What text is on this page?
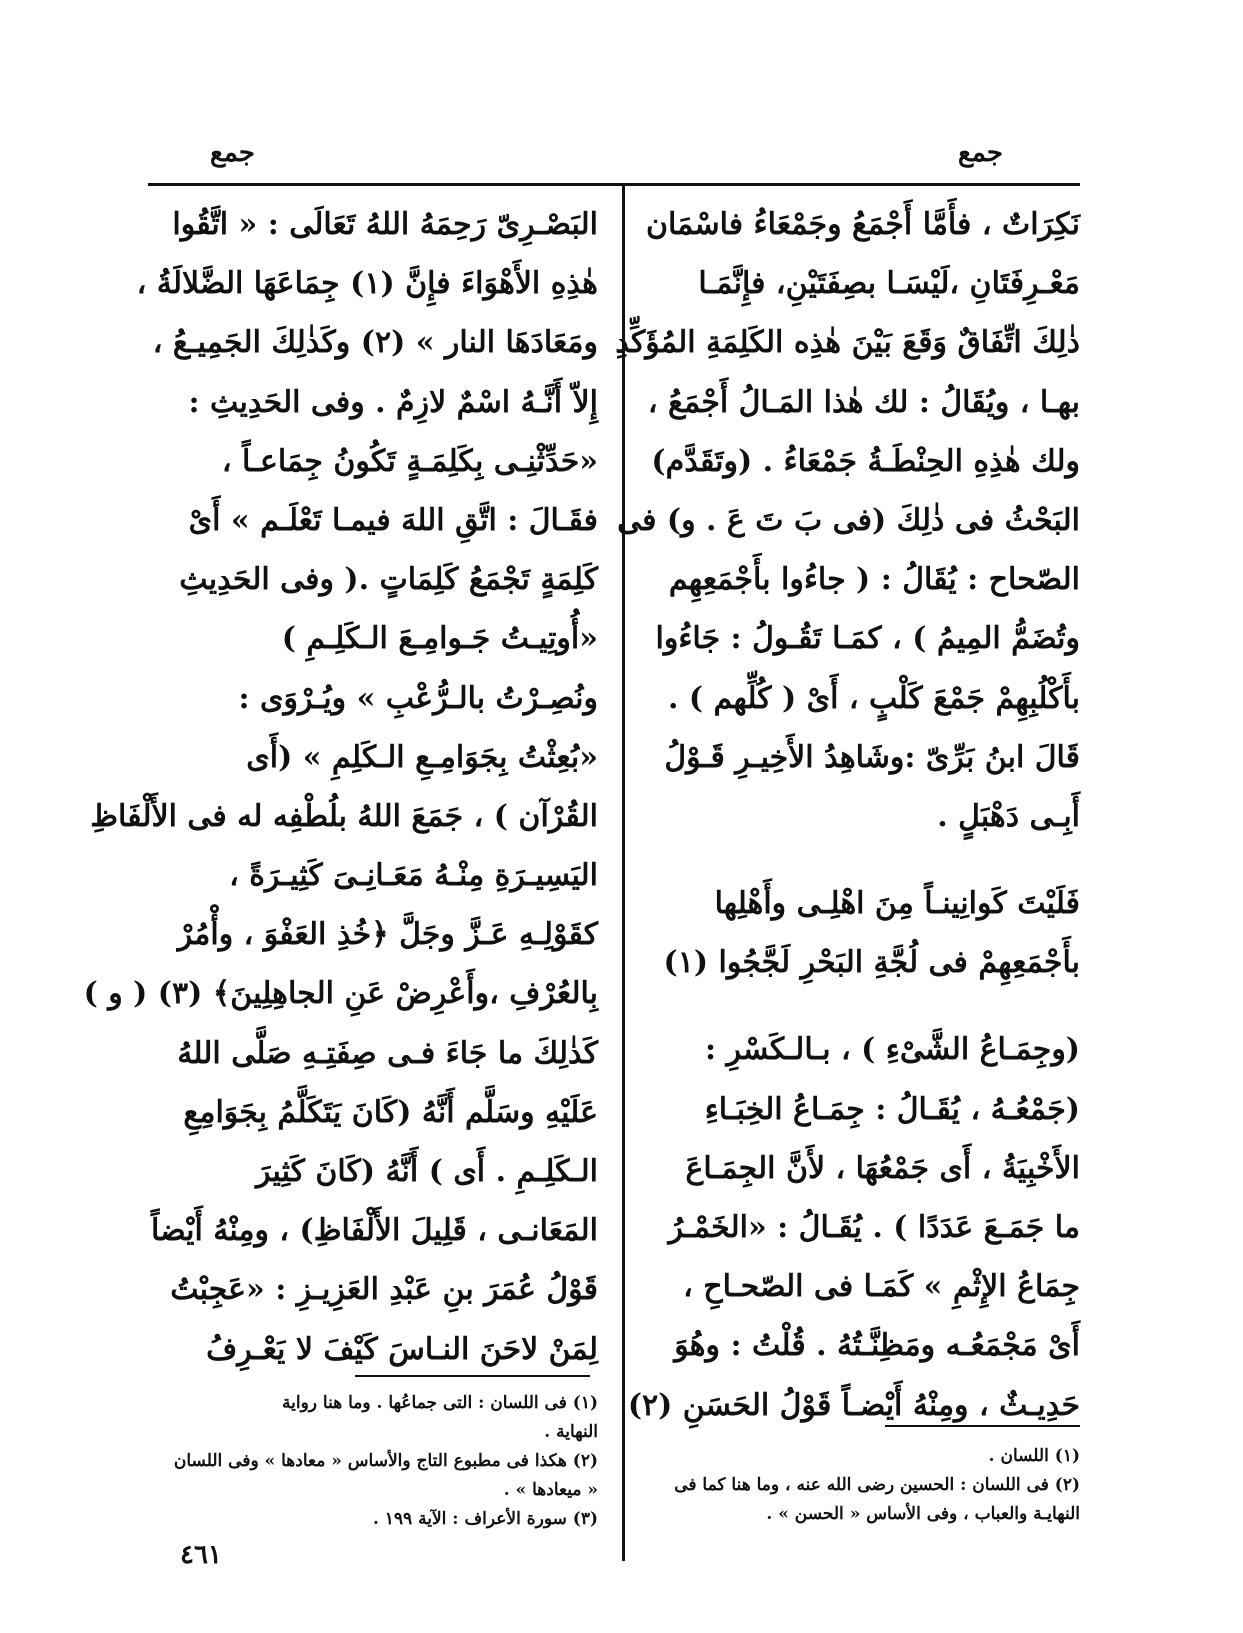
جمع
جمع
نَكِرَاتٌ ، فأَمَّا أَجْمَعُ وجَمْعَاءُ فاسْمَان
مَعْـرِفَتَانِ ،لَيْسَـا بصِفَتَيْنِ، فإِنَّمَـا
ذٰلِكَ اتِّفَاقٌ وَقَعَ بَيْنَ هٰذِه الكَلِمَةِ المُؤَكِّدِ
بهـا ، ويُقَالُ : لك هٰذا المَـالُ أَجْمَعُ ،
ولك هٰذِهِ الحِنْطَـةُ جَمْعَاءُ . (وتَقَدَّم)
البَحْثُ فى ذٰلِكَ (فى بَ تَ عَ . و) فى
الصّحاح : يُقَالُ : ( جاءُوا بأَجْمَعِهِم
وتُضَمُّ المِيمُ ) ، كمَـا تَقُـولُ : جَاءُوا
بأَكْلُبِهِمْ جَمْعَ كَلْبٍ ، أَىْ ( كُلِّهم ) .
قَالَ ابنُ بَرِّىّ :وشَاهِدُ الأَخِيـرِ قَـوْلُ
أَبِـى دَهْبَلٍ .
فَلَيْتَ كَوانِينـاً مِنَ اهْلِـى وأَهْلِها
بأَجْمَعِهِمْ فى لُجَّةِ البَحْرِ لَجَّجُوا (١)
(وجِمَـاعُ الشَّىْءِ ) ، بـالـكَسْرِ :
(جَمْعُـهُ ، يُقَـالُ : جِمَـاعُ الخِبَـاءِ
الأَخْبِيَةُ ، أَى جَمْعُهَا ، لأَنَّ الجِمَـاعَ
ما جَمَـعَ عَدَدًا ) . يُقَـالُ : «الخَمْـرُ
جِمَاعُ الإِثْمِ » كَمَـا فى الصّحـاحِ ،
أَىْ مَجْمَعُـه ومَظِنَّـتُهُ . قُلْتُ : وهُوَ
حَدِيـثٌ ، ومِنْهُ أَيْضـاً قَوْلُ الحَسَنِ (٢)
البَصْـرِىّ رَحِمَهُ اللهُ تَعَالَى : « اتَّقُوا
هٰذِهِ الأَهْوَاءَ فإِنَّ (١) جِمَاعَهَا الضَّلالَةُ ،
ومَعَادَهَا النار » (٢) وكَذٰلِكَ الجَمِيـعُ ،
إِلاّ أَنَّـهُ اسْمٌ لازِمٌ . وفى الحَدِيثِ :
«حَدِّثْنِـى بِكَلِمَـةٍ تَكُونُ جِمَاعـاً ،
فقَـالَ : اتَّقِ اللهَ فيمـا تَعْلَـم » أَىْ
كَلِمَةٍ تَجْمَعُ كَلِمَاتٍ .( وفى الحَدِيثِ
«أُوتِيـتُ جَـوامِـعَ الـكَلِـمِ )
ونُصِـرْتُ بالـرُّعْبِ » ويُـرْوَى :
«بُعِثْتُ بِجَوَامِـعِ الـكَلِمِ » (أَى
القُرْآن ) ، جَمَعَ اللهُ بلُطْفِه له فى الأَلْفَاظِ
اليَسِيـرَةِ مِنْـهُ مَعَـانِـىَ كَثِيـرَةً ،
كقَوْلِـهِ عَـزَّ وجَلَّ ﴿خُذِ العَفْوَ ، وأْمُرْ
بِالعُرْفِ ،وأَعْرِضْ عَنِ الجاهِلِينَ﴾ (٣) ( و )
كَذٰلِكَ ما جَاءَ فـى صِفَتِـهِ صَلَّى اللهُ
عَلَيْهِ وسَلَّم أَنَّهُ (كَانَ يَتَكَلَّمُ بِجَوَامِعِ
الـكَلِـمِ . أَى ) أَنَّهُ (كَانَ كَثِيرَ
المَعَانـى ، قَلِيلَ الأَلْفَاظِ) ، ومِنْهُ أَيْضاً
قَوْلُ عُمَرَ بنِ عَبْدِ العَزِيـزِ : «عَجِبْتُ
لِمَنْ لاحَنَ النـاسَ كَيْفَ لا يَعْـرِفُ
(١) اللسان .
(٢) فى اللسان : الحسين رضى الله عنه ، وما هنا كما فى
النهايـة والعباب ، وفى الأساس « الحسن » .
(١) فى اللسان : التى جماعُها . وما هنا رواية
النهاية .
(٢) هكذا فى مطبوع التاج والأساس « معادها » وفى اللسان
« ميعادها » .
(٣) سورة الأعراف : الآية ١٩٩ .
٤٦١
